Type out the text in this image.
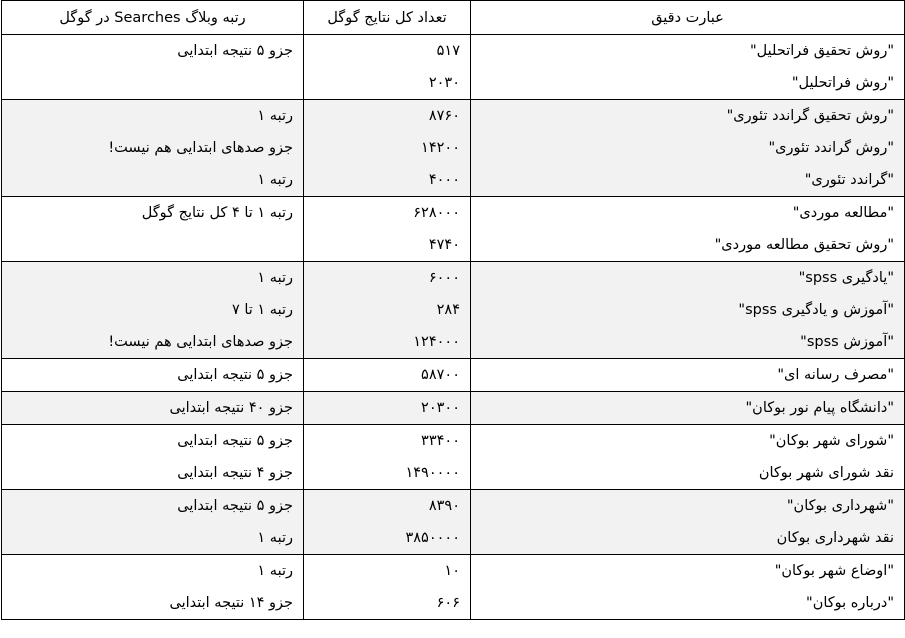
عبارت دقیق	تعداد کل نتایج گوگل	رتبه وبلاگ Searches در گوگل
"روش تحقیق فراتحلیل"	۵۱۷	جزو ۵ نتیجه ابتدایی
"روش فراتحلیل"	۲۰۳۰	
"روش تحقیق گراندد تئوری"	۸۷۶۰	رتبه ۱
"روش گراندد تئوری"	۱۴۲۰۰	جزو صدهای ابتدایی هم نیست!
"گراندد تئوری"	۴۰۰۰	رتبه ۱
"مطالعه موردی"	۶۲۸۰۰۰	رتبه ۱ تا ۴ کل نتایج گوگل
"روش تحقیق مطالعه موردی"	۴۷۴۰	
"یادگیری spss"	۶۰۰۰	رتبه ۱
"آموزش و یادگیری spss"	۲۸۴	رتبه ۱ تا ۷
"آموزش spss"	۱۲۴۰۰۰	جزو صدهای ابتدایی هم نیست!
"مصرف رسانه ای"	۵۸۷۰۰	جزو ۵ نتیجه ابتدایی
"دانشگاه پیام نور بوکان"	۲۰۳۰۰	جزو ۴۰ نتیجه ابتدایی
"شورای شهر بوکان"	۳۳۴۰۰	جزو ۵ نتیجه ابتدایی
نقد شورای شهر بوکان	۱۴۹۰۰۰۰	جزو ۴ نتیجه ابتدایی
"شهرداری بوکان"	۸۳۹۰	جزو ۵ نتیجه ابتدایی
نقد شهرداری بوکان	۳۸۵۰۰۰۰	رتبه ۱
"اوضاع شهر بوکان"	۱۰	رتبه ۱
"درباره بوکان"	۶۰۶	جزو ۱۴ نتیجه ابتدایی
